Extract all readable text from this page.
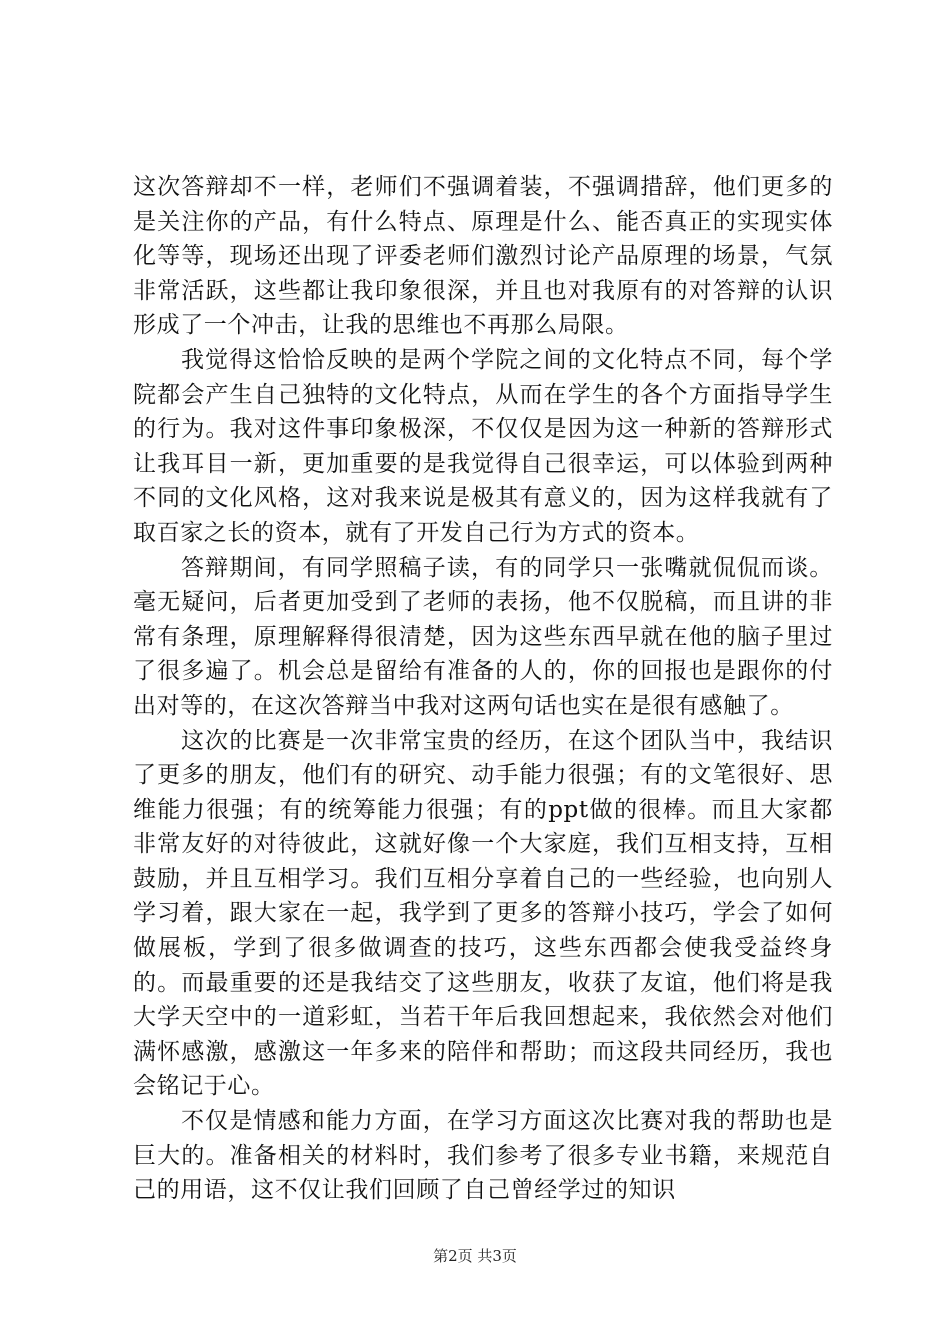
这次答辩却不一样，老师们不强调着装，不强调措辞，他们更多的是关注你的产品，有什么特点、原理是什么、能否真正的实现实体化等等，现场还出现了评委老师们激烈讨论产品原理的场景，气氛非常活跃，这些都让我印象很深，并且也对我原有的对答辩的认识形成了一个冲击，让我的思维也不再那么局限。

我觉得这恰恰反映的是两个学院之间的文化特点不同，每个学院都会产生自己独特的文化特点，从而在学生的各个方面指导学生的行为。我对这件事印象极深，不仅仅是因为这一种新的答辩形式让我耳目一新，更加重要的是我觉得自己很幸运，可以体验到两种不同的文化风格，这对我来说是极其有意义的，因为这样我就有了取百家之长的资本，就有了开发自己行为方式的资本。

答辩期间，有同学照稿子读，有的同学只一张嘴就侃侃而谈。毫无疑问，后者更加受到了老师的表扬，他不仅脱稿，而且讲的非常有条理，原理解释得很清楚，因为这些东西早就在他的脑子里过了很多遍了。机会总是留给有准备的人的，你的回报也是跟你的付出对等的，在这次答辩当中我对这两句话也实在是很有感触了。

这次的比赛是一次非常宝贵的经历，在这个团队当中，我结识了更多的朋友，他们有的研究、动手能力很强；有的文笔很好、思维能力很强；有的统筹能力很强；有的ppt做的很棒。而且大家都非常友好的对待彼此，这就好像一个大家庭，我们互相支持，互相鼓励，并且互相学习。我们互相分享着自己的一些经验，也向别人学习着，跟大家在一起，我学到了更多的答辩小技巧，学会了如何做展板，学到了很多做调查的技巧，这些东西都会使我受益终身的。而最重要的还是我结交了这些朋友，收获了友谊，他们将是我大学天空中的一道彩虹，当若干年后我回想起来，我依然会对他们满怀感激，感激这一年多来的陪伴和帮助；而这段共同经历，我也会铭记于心。

不仅是情感和能力方面，在学习方面这次比赛对我的帮助也是巨大的。准备相关的材料时，我们参考了很多专业书籍，来规范自己的用语，这不仅让我们回顾了自己曾经学过的知识

第2页 共3页
